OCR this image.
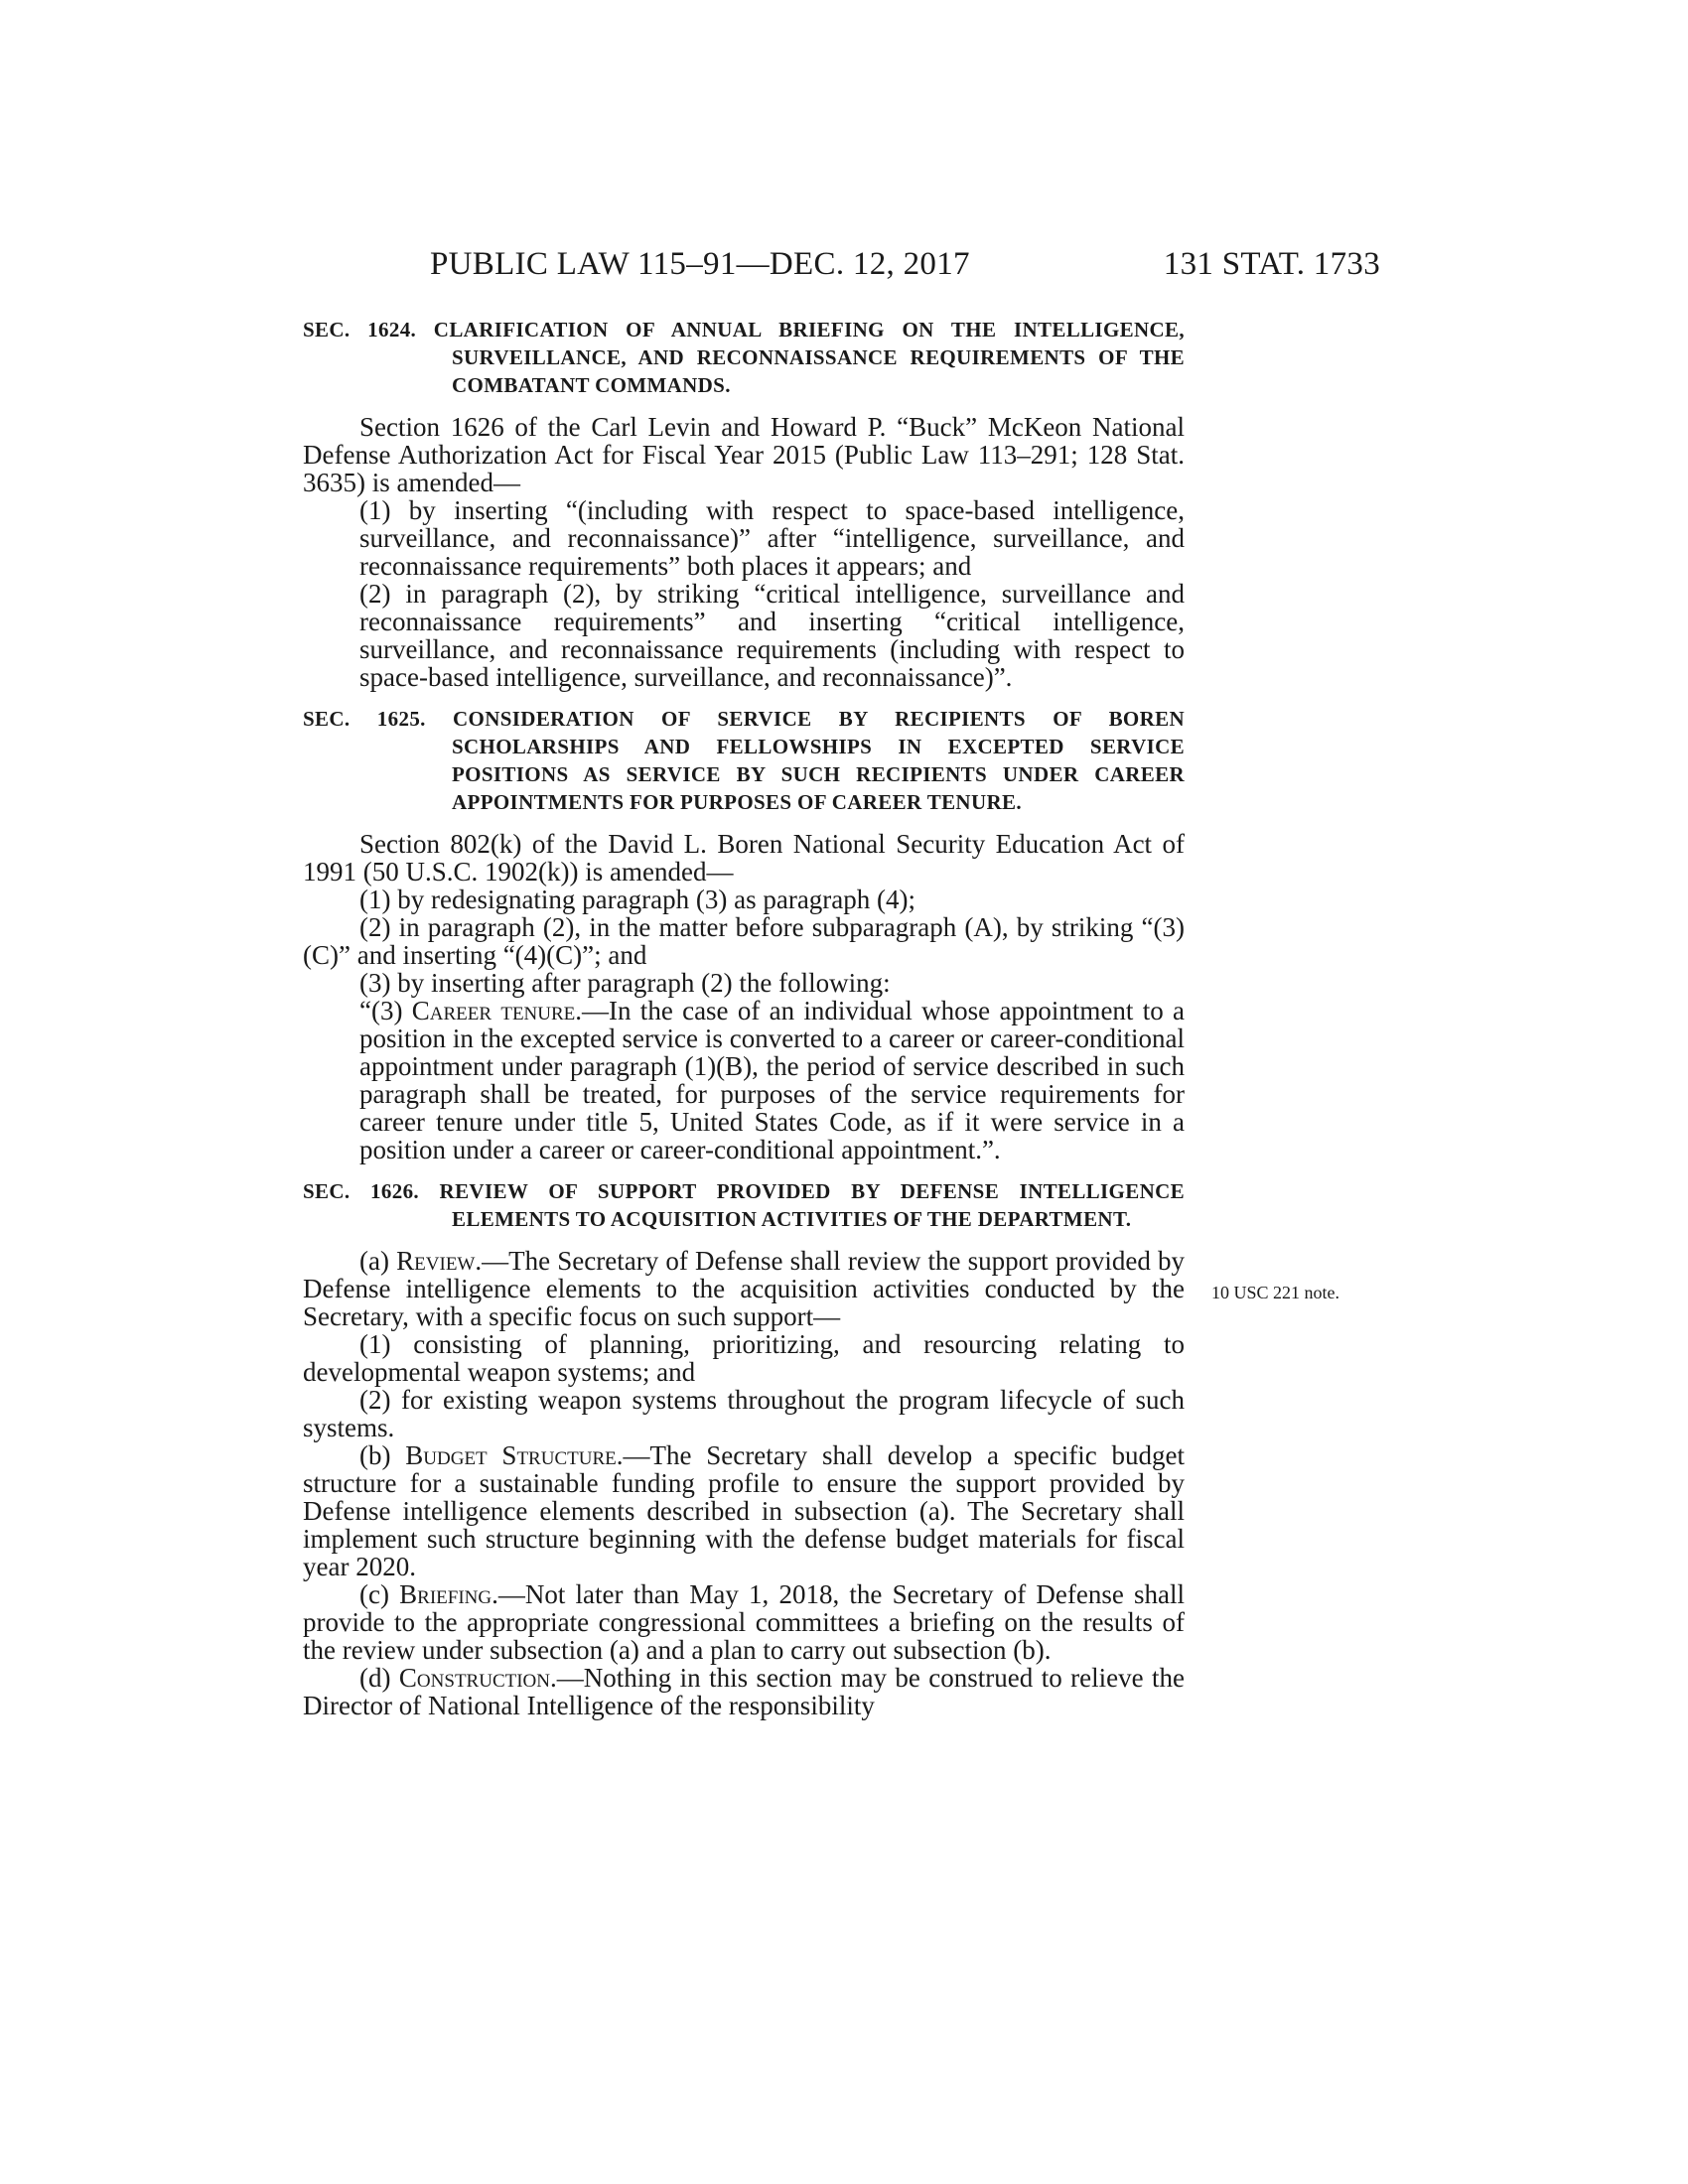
PUBLIC LAW 115–91—DEC. 12, 2017	131 STAT. 1733
SEC. 1624. CLARIFICATION OF ANNUAL BRIEFING ON THE INTELLIGENCE, SURVEILLANCE, AND RECONNAISSANCE REQUIREMENTS OF THE COMBATANT COMMANDS.

Section 1626 of the Carl Levin and Howard P. “Buck” McKeon National Defense Authorization Act for Fiscal Year 2015 (Public Law 113–291; 128 Stat. 3635) is amended—

(1) by inserting “(including with respect to space-based intelligence, surveillance, and reconnaissance)” after “intelligence, surveillance, and reconnaissance requirements” both places it appears; and

(2) in paragraph (2), by striking “critical intelligence, surveillance and reconnaissance requirements” and inserting “critical intelligence, surveillance, and reconnaissance requirements (including with respect to space-based intelligence, surveillance, and reconnaissance)”.

SEC. 1625. CONSIDERATION OF SERVICE BY RECIPIENTS OF BOREN SCHOLARSHIPS AND FELLOWSHIPS IN EXCEPTED SERVICE POSITIONS AS SERVICE BY SUCH RECIPIENTS UNDER CAREER APPOINTMENTS FOR PURPOSES OF CAREER TENURE.

Section 802(k) of the David L. Boren National Security Education Act of 1991 (50 U.S.C. 1902(k)) is amended—

(1) by redesignating paragraph (3) as paragraph (4);

(2) in paragraph (2), in the matter before subparagraph (A), by striking “(3)(C)” and inserting “(4)(C)”; and

(3) by inserting after paragraph (2) the following:

“(3) Career tenure.—In the case of an individual whose appointment to a position in the excepted service is converted to a career or career-conditional appointment under paragraph (1)(B), the period of service described in such paragraph shall be treated, for purposes of the service requirements for career tenure under title 5, United States Code, as if it were service in a position under a career or career-conditional appointment.”.

SEC. 1626. REVIEW OF SUPPORT PROVIDED BY DEFENSE INTELLIGENCE ELEMENTS TO ACQUISITION ACTIVITIES OF THE DEPARTMENT.

(a) Review.—The Secretary of Defense shall review the support provided by Defense intelligence elements to the acquisition activities conducted by the Secretary, with a specific focus on such support—

(1) consisting of planning, prioritizing, and resourcing relating to developmental weapon systems; and

(2) for existing weapon systems throughout the program lifecycle of such systems.

(b) Budget Structure.—The Secretary shall develop a specific budget structure for a sustainable funding profile to ensure the support provided by Defense intelligence elements described in subsection (a). The Secretary shall implement such structure beginning with the defense budget materials for fiscal year 2020.

(c) Briefing.—Not later than May 1, 2018, the Secretary of Defense shall provide to the appropriate congressional committees a briefing on the results of the review under subsection (a) and a plan to carry out subsection (b).

(d) Construction.—Nothing in this section may be construed to relieve the Director of National Intelligence of the responsibility

10 USC 221 note.
